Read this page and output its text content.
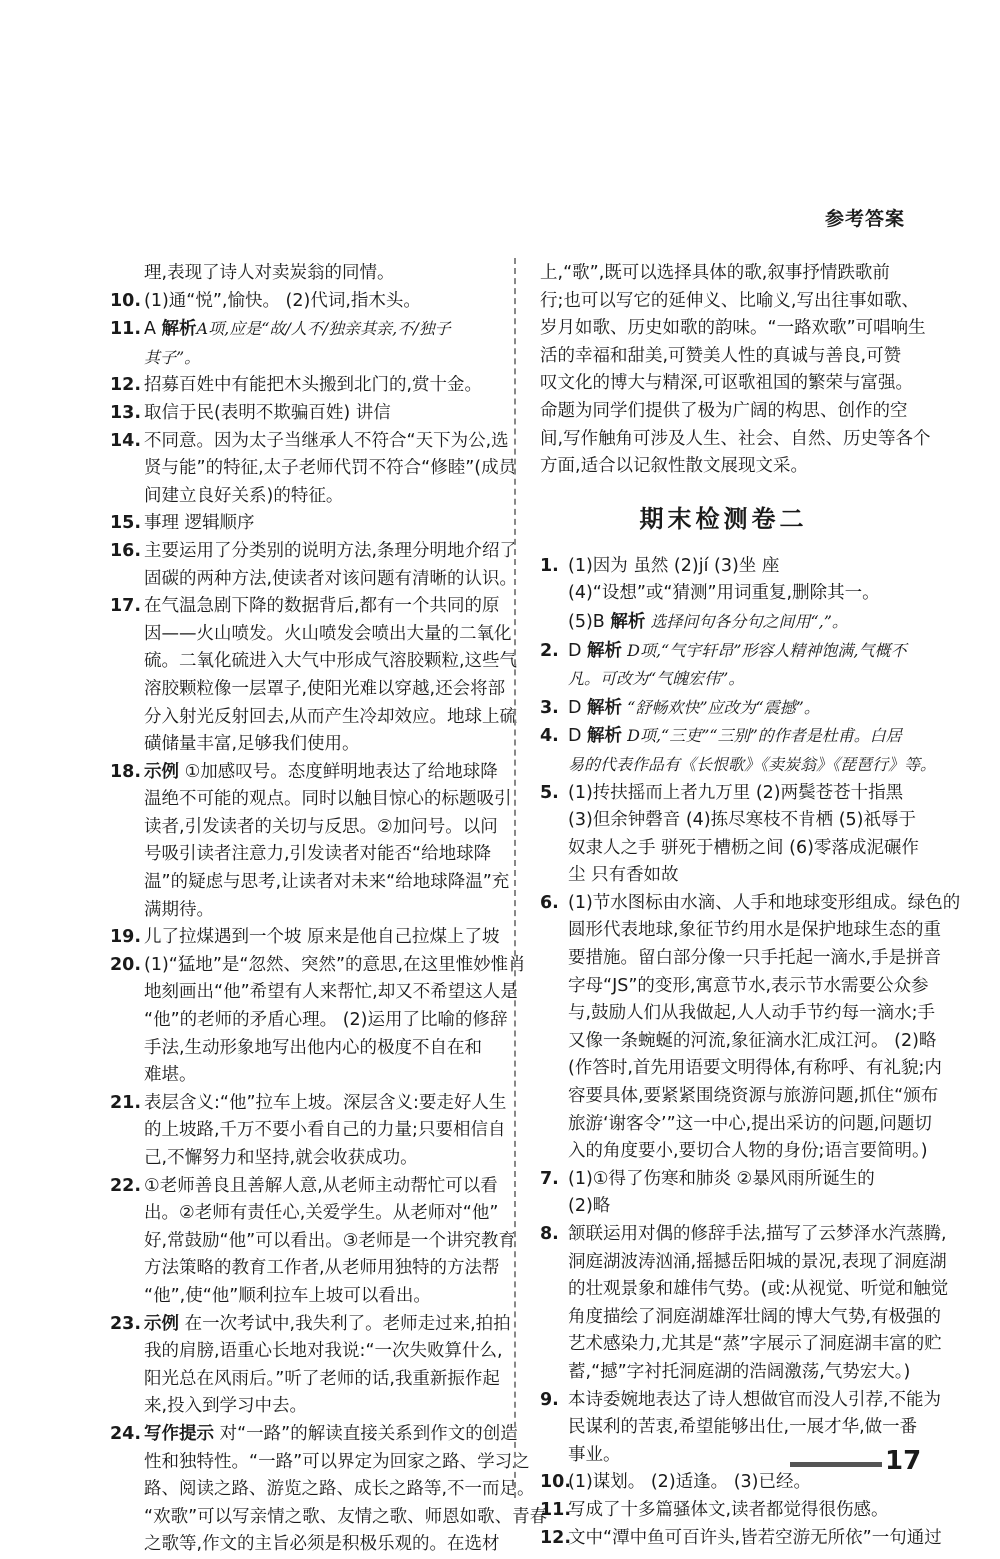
参考答案
理,表现了诗人对卖炭翁的同情。
10. (1)通“悦”,愉快。 (2)代词,指木头。
11. A 解析A项,应是“故/人不/独亲其亲,不/独子
其子”。
12. 招募百姓中有能把木头搬到北门的,赏十金。
13. 取信于民(表明不欺骗百姓) 讲信
14. 不同意。因为太子当继承人不符合“天下为公,选
贤与能”的特征,太子老师代罚不符合“修睦”(成员
间建立良好关系)的特征。
15. 事理 逻辑顺序
16. 主要运用了分类别的说明方法,条理分明地介绍了
固碳的两种方法,使读者对该问题有清晰的认识。
17. 在气温急剧下降的数据背后,都有一个共同的原
因——火山喷发。火山喷发会喷出大量的二氧化
硫。二氧化硫进入大气中形成气溶胶颗粒,这些气
溶胶颗粒像一层罩子,使阳光难以穿越,还会将部
分入射光反射回去,从而产生冷却效应。地球上硫
磺储量丰富,足够我们使用。
18. 示例 ①加感叹号。态度鲜明地表达了给地球降
温绝不可能的观点。同时以触目惊心的标题吸引
读者,引发读者的关切与反思。②加问号。以问
号吸引读者注意力,引发读者对能否“给地球降
温”的疑虑与思考,让读者对未来“给地球降温”充
满期待。
19. 儿了拉煤遇到一个坡 原来是他自己拉煤上了坡
20. (1)“猛地”是“忽然、突然”的意思,在这里惟妙惟肖
地刻画出“他”希望有人来帮忙,却又不希望这人是
“他”的老师的矛盾心理。 (2)运用了比喻的修辞
手法,生动形象地写出他内心的极度不自在和
难堪。
21. 表层含义:“他”拉车上坡。深层含义:要走好人生
的上坡路,千万不要小看自己的力量;只要相信自
己,不懈努力和坚持,就会收获成功。
22. ①老师善良且善解人意,从老师主动帮忙可以看
出。②老师有责任心,关爱学生。从老师对“他”
好,常鼓励“他”可以看出。③老师是一个讲究教育
方法策略的教育工作者,从老师用独特的方法帮
“他”,使“他”顺利拉车上坡可以看出。
23. 示例 在一次考试中,我失利了。老师走过来,拍拍
我的肩膀,语重心长地对我说:“一次失败算什么,
阳光总在风雨后。”听了老师的话,我重新振作起
来,投入到学习中去。
24. 写作提示 对“一路”的解读直接关系到作文的创造
性和独特性。“一路”可以界定为回家之路、学习之
路、阅读之路、游览之路、成长之路等,不一而足。
“欢歌”可以写亲情之歌、友情之歌、师恩如歌、青春
之歌等,作文的主旨必须是积极乐观的。在选材
上,“歌”,既可以选择具体的歌,叙事抒情跌歌前
行;也可以写它的延伸义、比喻义,写出往事如歌、
岁月如歌、历史如歌的韵味。“一路欢歌”可唱响生
活的幸福和甜美,可赞美人性的真诚与善良,可赞
叹文化的博大与精深,可讴歌祖国的繁荣与富强。
命题为同学们提供了极为广阔的构思、创作的空
间,写作触角可涉及人生、社会、自然、历史等各个
方面,适合以记叙性散文展现文采。
期末检测卷二
1. (1)因为 虽然 (2)jí (3)坐 座
(4)“设想”或“猜测”用词重复,删除其一。
(5)B 解析 选择问句各分句之间用“,”。
2. D 解析 D项,“气宇轩昂”形容人精神饱满,气概不
凡。可改为“气魄宏伟”。
3. D 解析 “舒畅欢快”应改为“震撼”。
4. D 解析 D项,“三吏”“三别”的作者是杜甫。白居
易的代表作品有《长恨歌》《卖炭翁》《琵琶行》等。
5. (1)抟扶摇而上者九万里 (2)两鬓苍苍十指黑
(3)但余钟磬音 (4)拣尽寒枝不肯栖 (5)祇辱于
奴隶人之手 骈死于槽枥之间 (6)零落成泥碾作
尘 只有香如故
6. (1)节水图标由水滴、人手和地球变形组成。绿色的
圆形代表地球,象征节约用水是保护地球生态的重
要措施。留白部分像一只手托起一滴水,手是拼音
字母“JS”的变形,寓意节水,表示节水需要公众参
与,鼓励人们从我做起,人人动手节约每一滴水;手
又像一条蜿蜒的河流,象征滴水汇成江河。 (2)略
(作答时,首先用语要文明得体,有称呼、有礼貌;内
容要具体,要紧紧围绕资源与旅游问题,抓住“颁布
旅游‘谢客令’”这一中心,提出采访的问题,问题切
入的角度要小,要切合人物的身份;语言要简明。)
7. (1)①得了伤寒和肺炎 ②暴风雨所诞生的
(2)略
8. 颔联运用对偶的修辞手法,描写了云梦泽水汽蒸腾,
洞庭湖波涛汹涌,摇撼岳阳城的景况,表现了洞庭湖
的壮观景象和雄伟气势。(或:从视觉、听觉和触觉
角度描绘了洞庭湖雄浑壮阔的博大气势,有极强的
艺术感染力,尤其是“蒸”字展示了洞庭湖丰富的贮
蓄,“撼”字衬托洞庭湖的浩阔激荡,气势宏大。)
9. 本诗委婉地表达了诗人想做官而没人引荐,不能为
民谋利的苦衷,希望能够出仕,一展才华,做一番
事业。
10.(1)谋划。 (2)适逢。 (3)已经。
11.写成了十多篇骚体文,读者都觉得很伤感。
12.文中“潭中鱼可百许头,皆若空游无所依”一句通过
17
